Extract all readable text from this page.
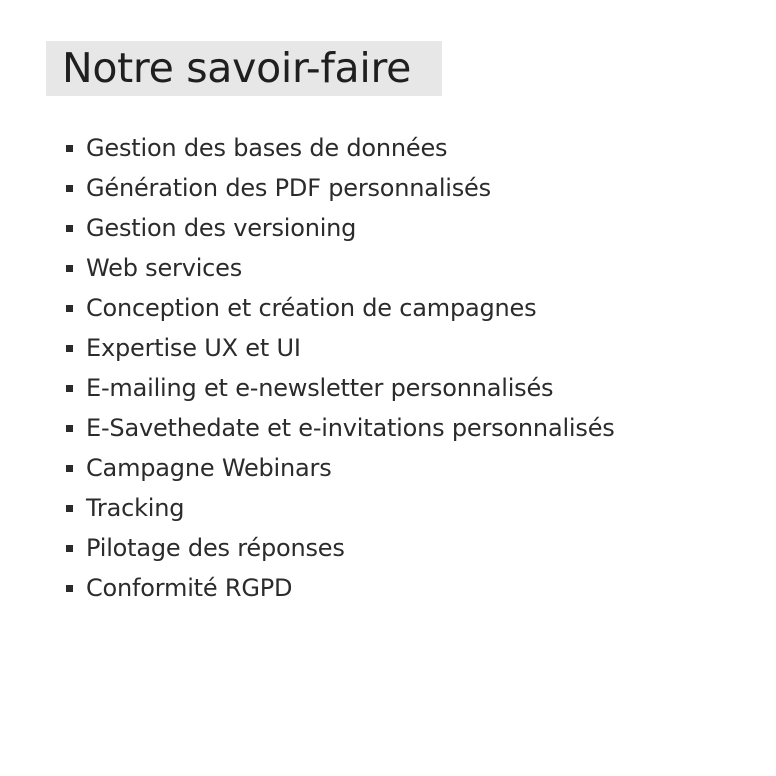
Notre savoir-faire
Gestion des bases de données
Génération des PDF personnalisés
Gestion des versioning
Web services
Conception et création de campagnes
Expertise UX et UI
E-mailing et e-newsletter personnalisés
E-Savethedate et e-invitations personnalisés
Campagne Webinars
Tracking
Pilotage des réponses
Conformité RGPD
